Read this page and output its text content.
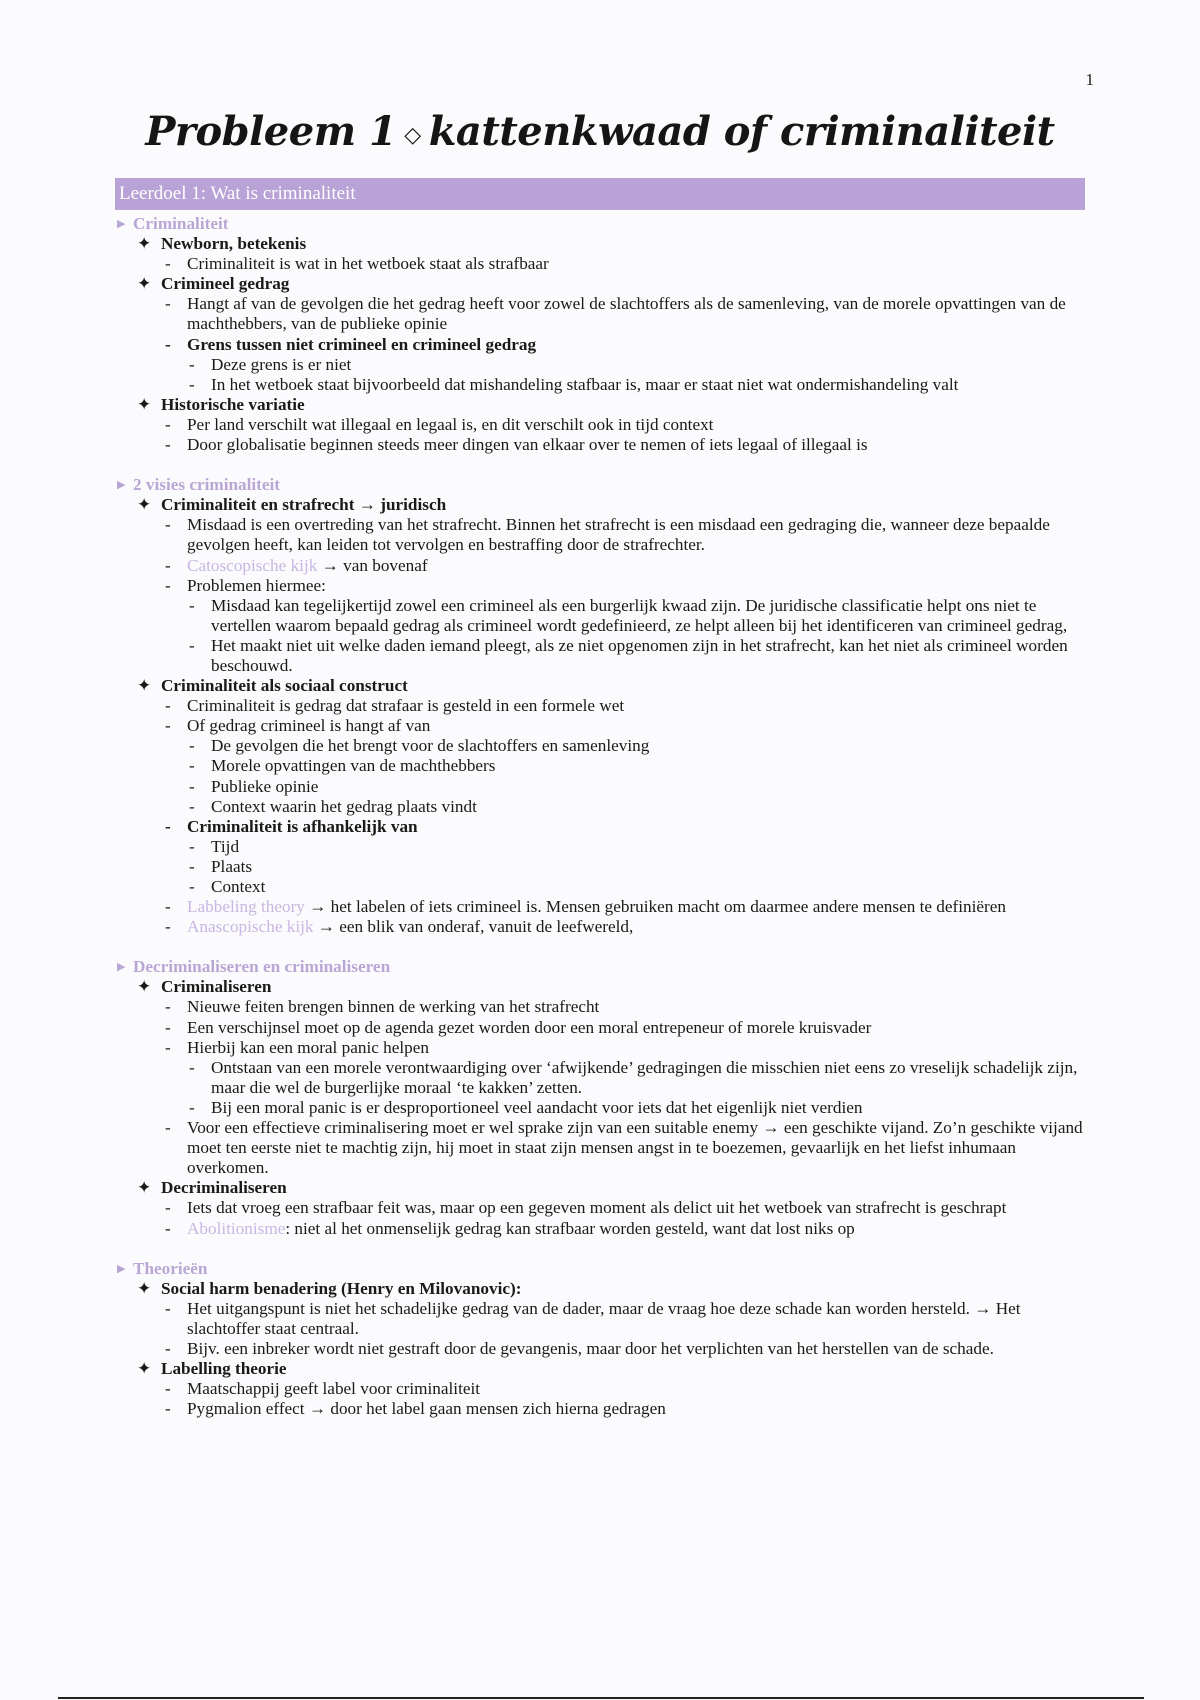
1
Probleem 1 ◇ kattenkwaad of criminaliteit
Leerdoel 1: Wat is criminaliteit
▶ Criminaliteit
✦ Newborn, betekenis
- Criminaliteit is wat in het wetboek staat als strafbaar
✦ Crimineel gedrag
- Hangt af van de gevolgen die het gedrag heeft voor zowel de slachtoffers als de samenleving, van de morele opvattingen van de machthebbers, van de publieke opinie
- Grens tussen niet crimineel en crimineel gedrag
- Deze grens is er niet
- In het wetboek staat bijvoorbeeld dat mishandeling stafbaar is, maar er staat niet wat ondermishandeling valt
✦ Historische variatie
- Per land verschilt wat illegaal en legaal is, en dit verschilt ook in tijd context
- Door globalisatie beginnen steeds meer dingen van elkaar over te nemen of iets legaal of illegaal is
▶ 2 visies criminaliteit
✦ Criminaliteit en strafrecht → juridisch
- Misdaad is een overtreding van het strafrecht. Binnen het strafrecht is een misdaad een gedraging die, wanneer deze bepaalde gevolgen heeft, kan leiden tot vervolgen en bestraffing door de strafrechter.
- Catoscopische kijk → van bovenaf
- Problemen hiermee:
- Misdaad kan tegelijkertijd zowel een crimineel als een burgerlijk kwaad zijn. De juridische classificatie helpt ons niet te vertellen waarom bepaald gedrag als crimineel wordt gedefinieerd, ze helpt alleen bij het identificeren van crimineel gedrag,
- Het maakt niet uit welke daden iemand pleegt, als ze niet opgenomen zijn in het strafrecht, kan het niet als crimineel worden beschouwd.
✦ Criminaliteit als sociaal construct
- Criminaliteit is gedrag dat strafaar is gesteld in een formele wet
- Of gedrag crimineel is hangt af van
- De gevolgen die het brengt voor de slachtoffers en samenleving
- Morele opvattingen van de machthebbers
- Publieke opinie
- Context waarin het gedrag plaats vindt
- Criminaliteit is afhankelijk van
- Tijd
- Plaats
- Context
- Labbeling theory → het labelen of iets crimineel is. Mensen gebruiken macht om daarmee andere mensen te definiëren
- Anascopische kijk → een blik van onderaf, vanuit de leefwereld,
▶ Decriminaliseren en criminaliseren
✦ Criminaliseren
- Nieuwe feiten brengen binnen de werking van het strafrecht
- Een verschijnsel moet op de agenda gezet worden door een moral entrepeneur of morele kruisvader
- Hierbij kan een moral panic helpen
- Ontstaan van een morele verontwaardiging over ‘afwijkende’ gedragingen die misschien niet eens zo vreselijk schadelijk zijn, maar die wel de burgerlijke moraal ‘te kakken’ zetten.
- Bij een moral panic is er desproportioneel veel aandacht voor iets dat het eigenlijk niet verdien
- Voor een effectieve criminalisering moet er wel sprake zijn van een suitable enemy → een geschikte vijand. Zo’n geschikte vijand moet ten eerste niet te machtig zijn, hij moet in staat zijn mensen angst in te boezemen, gevaarlijk en het liefst inhumaan overkomen.
✦ Decriminaliseren
- Iets dat vroeg een strafbaar feit was, maar op een gegeven moment als delict uit het wetboek van strafrecht is geschrapt
- Abolitionisme: niet al het onmenselijk gedrag kan strafbaar worden gesteld, want dat lost niks op
▶ Theorieën
✦ Social harm benadering (Henry en Milovanovic):
- Het uitgangspunt is niet het schadelijke gedrag van de dader, maar de vraag hoe deze schade kan worden hersteld. → Het slachtoffer staat centraal.
- Bijv. een inbreker wordt niet gestraft door de gevangenis, maar door het verplichten van het herstellen van de schade.
✦ Labelling theorie
- Maatschappij geeft label voor criminaliteit
- Pygmalion effect → door het label gaan mensen zich hierna gedragen
